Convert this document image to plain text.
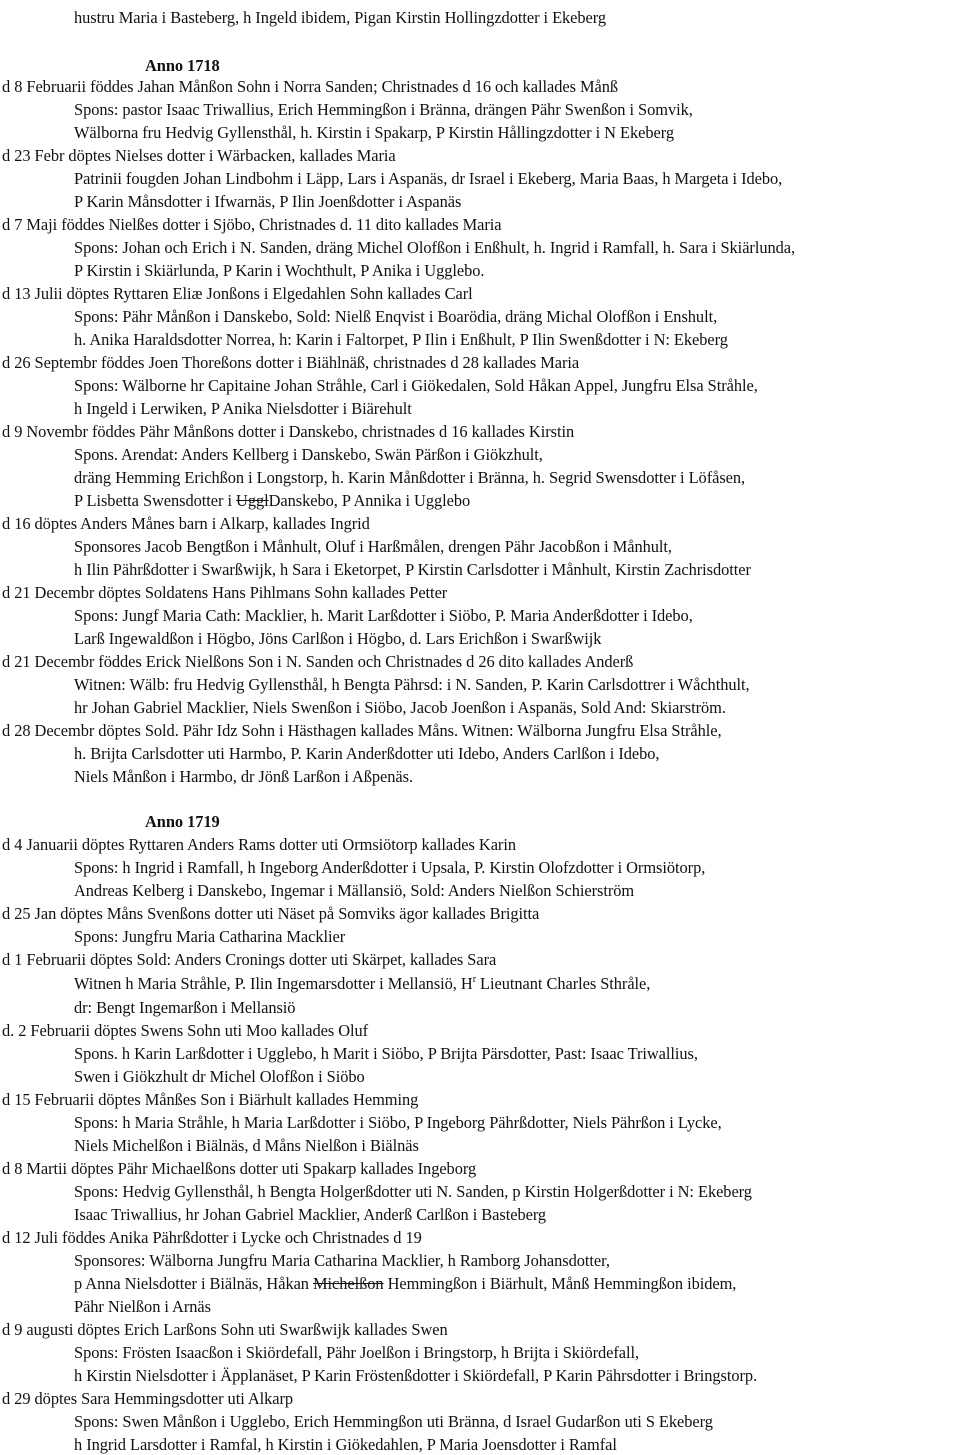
hustru Maria i Basteberg, h Ingeld ibidem, Pigan Kirstin Hollingzdotter i Ekeberg
Anno 1718
d 8 Februarii föddes Jahan Månßon Sohn i Norra Sanden; Christnades d 16 och kallades Månß
Spons: pastor Isaac Triwallius, Erich Hemmingßon i Bränna, drängen Pähr Swenßon i Somvik,
Wälborna fru Hedvig Gyllensthål, h. Kirstin i Spakarp, P Kirstin Hållingzdotter i N Ekeberg
d 23 Febr döptes Nielses dotter i Wärbacken, kallades Maria
Patrinii fougden Johan Lindbohm i Läpp, Lars i Aspanäs, dr Israel i Ekeberg, Maria Baas, h Margeta i Idebo,
P Karin Månsdotter i Ifwarnäs, P Ilin Joenßdotter i Aspanäs
d 7 Maji föddes Nielßes dotter i Sjöbo, Christnades d. 11 dito kallades Maria
Spons: Johan och Erich i N. Sanden, dräng Michel Olofßon i Enßhult, h. Ingrid i Ramfall, h. Sara i Skiärlunda,
P Kirstin i Skiärlunda, P Karin i Wochthult, P Anika i Ugglebo.
d 13 Julii döptes Ryttaren Eliæ Jonßons i Elgedahlen Sohn kallades Carl
Spons: Pähr Månßon i Danskebo, Sold: Nielß Enqvist i Boarödia, dräng Michal Olofßon i Enshult,
h. Anika Haraldsdotter Norrea, h: Karin i Faltorpet, P Ilin i Enßhult, P Ilin Swenßdotter i N: Ekeberg
d 26 Septembr föddes Joen Thoreßons dotter i Biählnäß, christnades d 28 kallades Maria
Spons: Wälborne hr Capitaine Johan Stråhle, Carl i Giökedalen, Sold Håkan Appel, Jungfru Elsa Stråhle,
h Ingeld i Lerwiken, P Anika Nielsdotter i Biärehult
d 9 Novembr föddes Pähr Månßons dotter i Danskebo, christnades d 16 kallades Kirstin
Spons. Arendat: Anders Kellberg i Danskebo, Swän Pärßon i Giökzhult,
dräng Hemming Erichßon i Longstorp, h. Karin Månßdotter i Bränna, h. Segrid Swensdotter i Löfåsen,
P Lisbetta Swensdotter i UgglDanskebo, P Annika i Ugglebo
d 16 döptes Anders Månes barn i Alkarp, kallades Ingrid
Sponsores Jacob Bengtßon i Månhult, Oluf i Harßmålen, drengen Pähr Jacobßon i Månhult,
h Ilin Pährßdotter i Swarßwijk, h Sara i Eketorpet, P Kirstin Carlsdotter i Månhult, Kirstin Zachrisdotter
d 21 Decembr döptes Soldatens Hans Pihlmans Sohn kallades Petter
Spons: Jungf Maria Cath: Macklier, h. Marit Larßdotter i Siöbo, P. Maria Anderßdotter i Idebo,
Larß Ingewaldßon i Högbo, Jöns Carlßon i Högbo, d. Lars Erichßon i Swarßwijk
d 21 Decembr föddes Erick Nielßons Son i N. Sanden och Christnades d 26 dito kallades Anderß
Witnen: Wälb: fru Hedvig Gyllensthål, h Bengta Pährsd: i N. Sanden, P. Karin Carlsdottrer i Wåchthult,
hr Johan Gabriel Macklier, Niels Swenßon i Siöbo, Jacob Joenßon i Aspanäs, Sold And: Skiarström.
d 28 Decembr döptes Sold. Pähr Idz Sohn i Hästhagen kallades Måns. Witnen: Wälborna Jungfru Elsa Stråhle,
h. Brijta Carlsdotter uti Harmbo, P. Karin Anderßdotter uti Idebo, Anders Carlßon i Idebo,
Niels Månßon i Harmbo, dr Jönß Larßon i Aßpenäs.
Anno 1719
d 4 Januarii döptes Ryttaren Anders Rams dotter uti Ormsiötorp kallades Karin
Spons: h Ingrid i Ramfall, h Ingeborg Anderßdotter i Upsala, P. Kirstin Olofzdotter i Ormsiötorp,
Andreas Kelberg i Danskebo, Ingemar i Mällansiö, Sold: Anders Nielßon Schierström
d 25 Jan döptes Måns Svenßons dotter uti Näset på Somviks ägor kallades Brigitta
Spons: Jungfru Maria Catharina Macklier
d 1 Februarii döptes Sold: Anders Cronings dotter uti Skärpet, kallades Sara
Witnen h Maria Stråhle, P. Ilin Ingemarsdotter i Mellansiö, $H^r$ Lieutnant Charles Sthråle,
dr: Bengt Ingemarßon i Mellansiö
d. 2 Februarii döptes Swens Sohn uti Moo kallades Oluf
Spons. h Karin Larßdotter i Ugglebo, h Marit i Siöbo, P Brijta Pärsdotter, Past: Isaac Triwallius,
Swen i Giökzhult dr Michel Olofßon i Siöbo
d 15 Februarii döptes Månßes Son i Biärhult kallades Hemming
Spons: h Maria Stråhle, h Maria Larßdotter i Siöbo, P Ingeborg Pährßdotter, Niels Pährßon i Lycke,
Niels Michelßon i Biälnäs, d Måns Nielßon i Biälnäs
d 8 Martii döptes Pähr Michaelßons dotter uti Spakarp kallades Ingeborg
Spons: Hedvig Gyllensthål, h Bengta Holgerßdotter uti N. Sanden, p Kirstin Holgerßdotter i N: Ekeberg
Isaac Triwallius, hr Johan Gabriel Macklier, Anderß Carlßon i Basteberg
d 12 Juli föddes Anika Pährßdotter i Lycke och Christnades d 19
Sponsores: Wälborna Jungfru Maria Catharina Macklier, h Ramborg Johansdotter,
p Anna Nielsdotter i Biälnäs, Håkan Michelßon Hemmingßon i Biärhult, Månß Hemmingßon ibidem,
Pähr Nielßon i Arnäs
d 9 augusti döptes Erich Larßons Sohn uti Swarßwijk kallades Swen
Spons: Frösten Isaacßon i Skiördefall, Pähr Joelßon i Bringstorp, h Brijta i Skiördefall,
h Kirstin Nielsdotter i Äpplanäset, P Karin Fröstenßdotter i Skiördefall, P Karin Pährsdotter i Bringstorp.
d 29 döptes Sara Hemmingsdotter uti Alkarp
Spons: Swen Månßon i Ugglebo, Erich Hemmingßon uti Bränna, d Israel Gudarßon uti S Ekeberg
h Ingrid Larsdotter i Ramfal, h Kirstin i Giökedahlen, P Maria Joensdotter i Ramfal
